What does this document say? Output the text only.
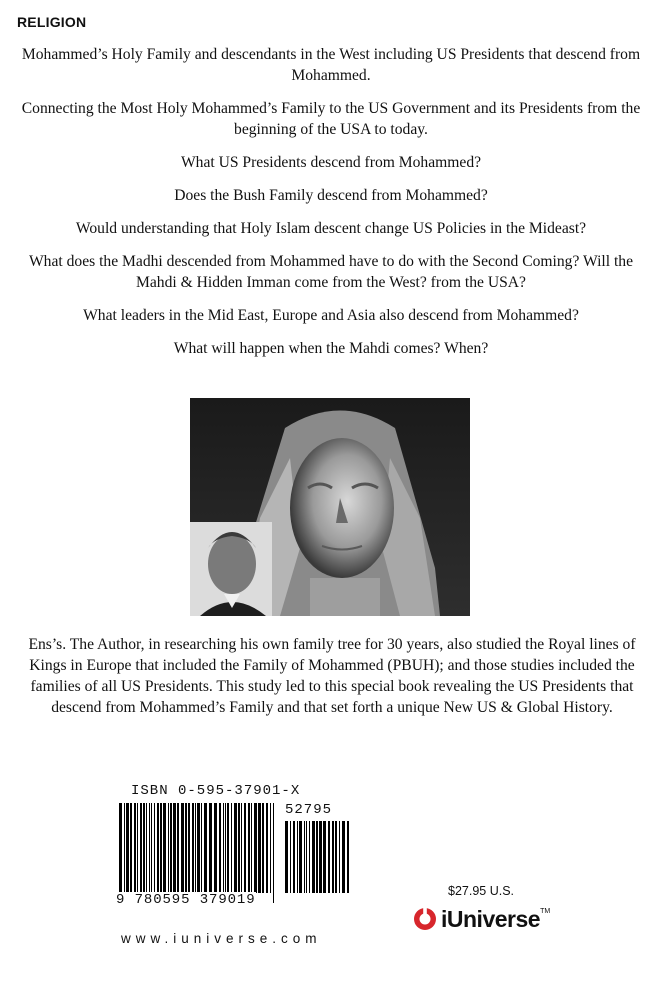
RELIGION

Mohammed’s Holy Family and descendants in the West including US Presidents that descend from Mohammed.

Connecting the Most Holy Mohammed’s Family to the US Government and its Presidents from the beginning of the USA to today.

What US Presidents descend from Mohammed?

Does the Bush Family descend from Mohammed?

Would understanding that Holy Islam descent change US Policies in the Mideast?

What does the Madhi descended from Mohammed have to do with the Second Coming? Will the Mahdi & Hidden Imman come from the West? from the USA?

What leaders in the Mid East, Europe and Asia also descend from Mohammed?

What will happen when the Mahdi comes? When?

Ens’s. The Author, in researching his own family tree for 30 years, also studied the Royal lines of Kings in Europe that included the Family of Mohammed (PBUH); and those studies included the families of all US Presidents. This study led to this special book revealing the US Presidents that descend from Mohammed’s Family and that set forth a unique New US & Global History.
ISBN 0-595-37901-X
52795
9 780595 379019
$27.95 U.S.
iUniverse TM
www.iuniverse.com
